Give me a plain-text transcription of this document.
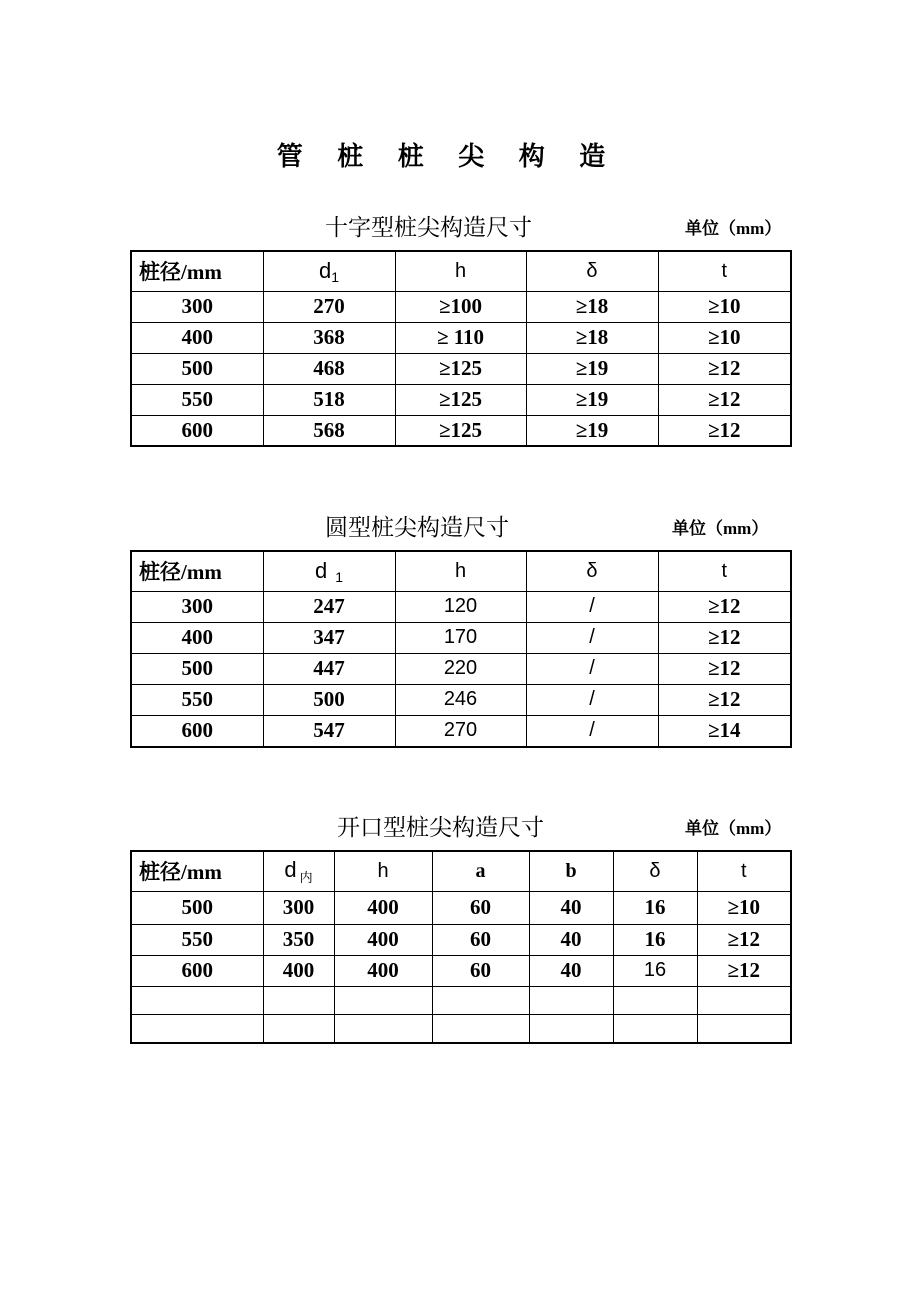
管 桩 桩 尖 构 造
十字型桩尖构造尺寸	单位（mm）
桩径/mm	$d_1$	h	δ	t
300	270	≥100	≥18	≥10
400	368	≥ 110	≥18	≥10
500	468	≥125	≥19	≥12
550	518	≥125	≥19	≥12
600	568	≥125	≥19	≥12
圆型桩尖构造尺寸	单位（mm）
桩径/mm	d $_1$	h	δ	t
300	247	120	/	≥12
400	347	170	/	≥12
500	447	220	/	≥12
550	500	246	/	≥12
600	547	270	/	≥14
开口型桩尖构造尺寸	单位（mm）
桩径/mm	d $_内$	h	a	b	δ	t
500	300	400	60	40	16	≥10
550	350	400	60	40	16	≥12
600	400	400	60	40	16	≥12
